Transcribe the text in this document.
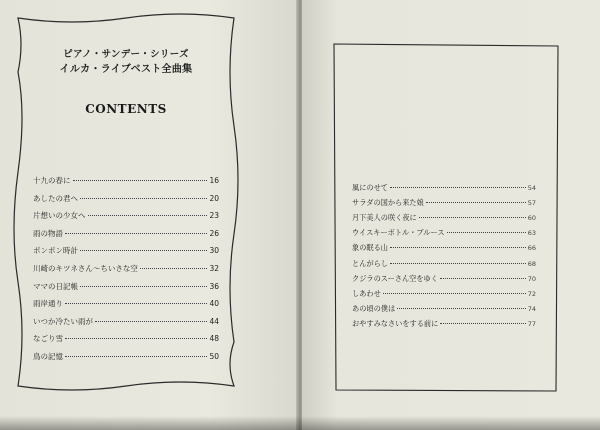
ピアノ・サンデー・シリーズ
イルカ・ライブベスト全曲集
CONTENTS
十九の春に	16
あしたの君へ	20
片想いの少女へ	23
雨の物語	26
ポンポン時計	30
川崎のキツネさん〜ちいさな空	32
ママの日記帳	36
雨岸通り	40
いつか冷たい雨が	44
なごり雪	48
鳥の記憶	50
風にのせて	54
サラダの国から来た娘	57
月下美人の咲く夜に	60
ウイスキーボトル・ブルース	63
象の眠る山	66
とんがらし	68
クジラのスーさん空をゆく	70
しあわせ	72
あの頃の僕は	74
おやすみなさいをする前に	77
